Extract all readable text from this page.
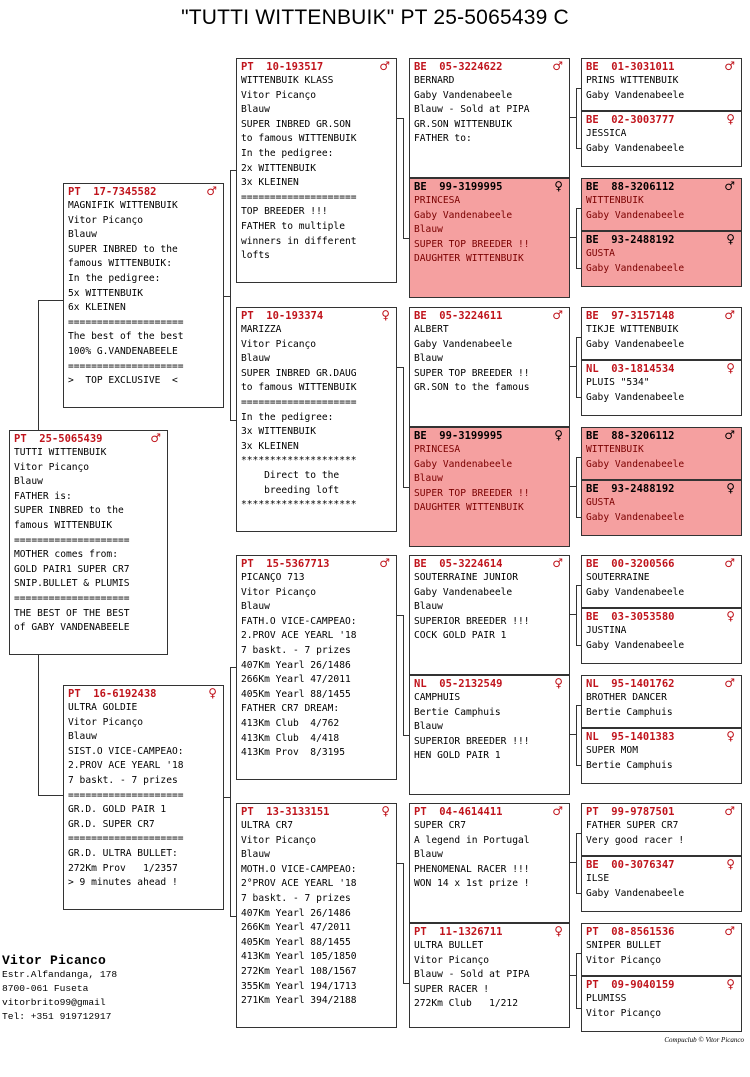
"TUTTI WITTENBUIK" PT 25-5065439 C
PT  25-5065439	♂
TUTTI WITTENBUIK
Vitor Picanço
Blauw
FATHER is:
SUPER INBRED to the
famous WITTENBUIK
====================
MOTHER comes from:
GOLD PAIR1 SUPER CR7
SNIP.BULLET & PLUMIS
====================
THE BEST OF THE BEST
of GABY VANDENABEELE
PT  17-7345582	♂
MAGNIFIK WITTENBUIK
Vitor Picanço
Blauw
SUPER INBRED to the
famous WITTENBUIK:
In the pedigree:
5x WITTENBUIK
6x KLEINEN
====================
The best of the best
100% G.VANDENABEELE
====================
>  TOP EXCLUSIVE  <
PT  16-6192438	♀
ULTRA GOLDIE
Vitor Picanço
Blauw
SIST.O VICE-CAMPEAO:
2.PROV ACE YEARL '18
7 baskt. - 7 prizes
====================
GR.D. GOLD PAIR 1
GR.D. SUPER CR7
====================
GR.D. ULTRA BULLET:
272Km Prov   1/2357
> 9 minutes ahead !
PT  10-193517	♂
WITTENBUIK KLASS
Vitor Picanço
Blauw
SUPER INBRED GR.SON
to famous WITTENBUIK
In the pedigree:
2x WITTENBUIK
3x KLEINEN
====================
TOP BREEDER !!!
FATHER to multiple
winners in different
lofts
PT  10-193374	♀
MARIZZA
Vitor Picanço
Blauw
SUPER INBRED GR.DAUG
to famous WITTENBUIK
====================
In the pedigree:
3x WITTENBUIK
3x KLEINEN
********************
Direct to the
breeding loft
********************
PT  15-5367713	♂
PICANÇO 713
Vitor Picanço
Blauw
FATH.O VICE-CAMPEAO:
2.PROV ACE YEARL '18
7 baskt. - 7 prizes
407Km Yearl 26/1486
266Km Yearl 47/2011
405Km Yearl 88/1455
FATHER CR7 DREAM:
413Km Club  4/762
413Km Club  4/418
413Km Prov  8/3195
PT  13-3133151	♀
ULTRA CR7
Vitor Picanço
Blauw
MOTH.O VICE-CAMPEAO:
2°PROV ACE YEARL '18
7 baskt. - 7 prizes
407Km Yearl 26/1486
266Km Yearl 47/2011
405Km Yearl 88/1455
413Km Yearl 105/1850
272Km Yearl 108/1567
355Km Yearl 194/1713
271Km Yearl 394/2188
BE  05-3224622	♂
BERNARD
Gaby Vandenabeele
Blauw - Sold at PIPA
GR.SON WITTENBUIK
FATHER to:
BE  99-3199995	♀
PRINCESA
Gaby Vandenabeele
Blauw
SUPER TOP BREEDER !!
DAUGHTER WITTENBUIK
BE  05-3224611	♂
ALBERT
Gaby Vandenabeele
Blauw
SUPER TOP BREEDER !!
GR.SON to the famous
BE  99-3199995	♀
PRINCESA
Gaby Vandenabeele
Blauw
SUPER TOP BREEDER !!
DAUGHTER WITTENBUIK
BE  05-3224614	♂
SOUTERRAINE JUNIOR
Gaby Vandenabeele
Blauw
SUPERIOR BREEDER !!!
COCK GOLD PAIR 1
NL  05-2132549	♀
CAMPHUIS
Bertie Camphuis
Blauw
SUPERIOR BREEDER !!!
HEN GOLD PAIR 1
PT  04-4614411	♂
SUPER CR7
A legend in Portugal
Blauw
PHENOMENAL RACER !!!
WON 14 x 1st prize !
PT  11-1326711	♀
ULTRA BULLET
Vitor Picanço
Blauw - Sold at PIPA
SUPER RACER !
272Km Club   1/212
BE  01-3031011	♂
PRINS WITTENBUIK
Gaby Vandenabeele
BE  02-3003777	♀
JESSICA
Gaby Vandenabeele
BE  88-3206112	♂
WITTENBUIK
Gaby Vandenabeele
BE  93-2488192	♀
GUSTA
Gaby Vandenabeele
BE  97-3157148	♂
TIKJE WITTENBUIK
Gaby Vandenabeele
NL  03-1814534	♀
PLUIS "534"
Gaby Vandenabeele
BE  88-3206112	♂
WITTENBUIK
Gaby Vandenabeele
BE  93-2488192	♀
GUSTA
Gaby Vandenabeele
BE  00-3200566	♂
SOUTERRAINE
Gaby Vandenabeele
BE  03-3053580	♀
JUSTINA
Gaby Vandenabeele
NL  95-1401762	♂
BROTHER DANCER
Bertie Camphuis
NL  95-1401383	♀
SUPER MOM
Bertie Camphuis
PT  99-9787501	♂
FATHER SUPER CR7
Very good racer !
BE  00-3076347	♀
ILSE
Gaby Vandenabeele
PT  08-8561536	♂
SNIPER BULLET
Vitor Picanço
PT  09-9040159	♀
PLUMISS
Vitor Picanço
Vitor Picanco
Estr.Alfandanga, 178
8700-061 Fuseta
vitorbrito99@gmail
Tel: +351 919712917
Compuclub © Vitor Picanco
